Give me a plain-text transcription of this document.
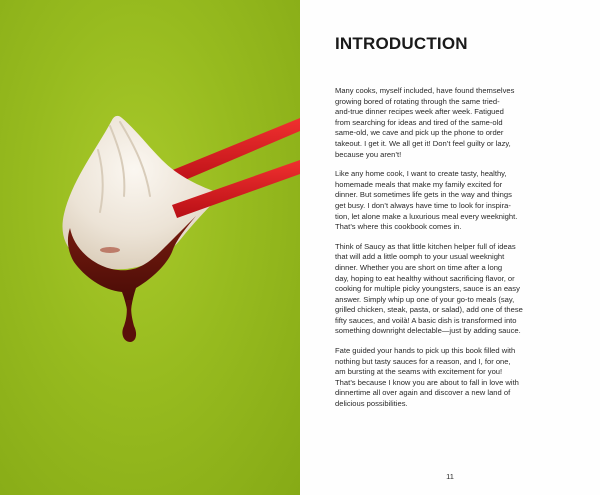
INTRODUCTION

Many cooks, myself included, have found themselves
growing bored of rotating through the same tried-
and-true dinner recipes week after week. Fatigued
from searching for ideas and tired of the same-old
same-old, we cave and pick up the phone to order
takeout. I get it. We all get it! Don’t feel guilty or lazy,
because you aren’t!

Like any home cook, I want to create tasty, healthy,
homemade meals that make my family excited for
dinner. But sometimes life gets in the way and things
get busy. I don’t always have time to look for inspira-
tion, let alone make a luxurious meal every weeknight.
That’s where this cookbook comes in.

Think of Saucy as that little kitchen helper full of ideas
that will add a little oomph to your usual weeknight
dinner. Whether you are short on time after a long
day, hoping to eat healthy without sacrificing flavor, or
cooking for multiple picky youngsters, sauce is an easy
answer. Simply whip up one of your go-to meals (say,
grilled chicken, steak, pasta, or salad), add one of these
fifty sauces, and voilà! A basic dish is transformed into
something downright delectable—just by adding sauce.

Fate guided your hands to pick up this book filled with
nothing but tasty sauces for a reason, and I, for one,
am bursting at the seams with excitement for you!
That’s because I know you are about to fall in love with
dinnertime all over again and discover a new land of
delicious possibilities.

11
